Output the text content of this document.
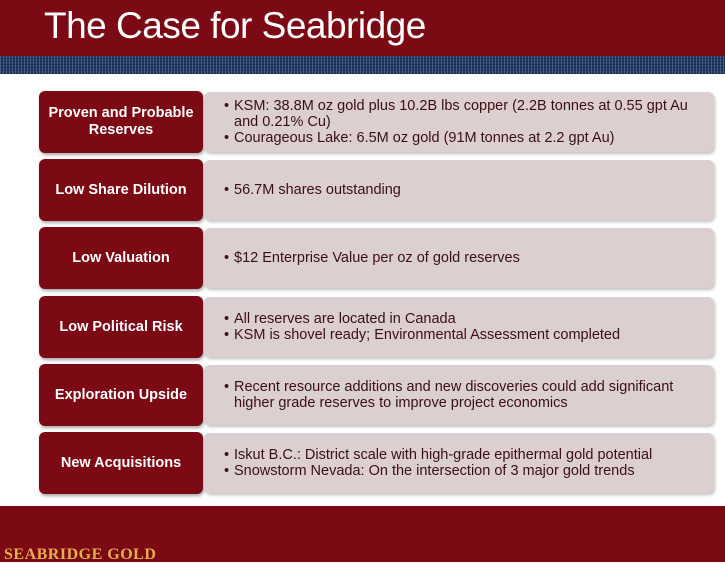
The Case for Seabridge
Proven and Probable Reserves
• KSM: 38.8M oz gold plus 10.2B lbs copper (2.2B tonnes at 0.55 gpt Au and 0.21% Cu)
• Courageous Lake: 6.5M oz gold (91M tonnes at 2.2 gpt Au)
Low Share Dilution	• 56.7M shares outstanding
Low Valuation	• $12 Enterprise Value per oz of gold reserves
Low Political Risk	• All reserves are located in Canada
• KSM is shovel ready; Environmental Assessment completed
Exploration Upside	• Recent resource additions and new discoveries could add significant higher grade reserves to improve project economics
New Acquisitions	• Iskut B.C.: District scale with high-grade epithermal gold potential
• Snowstorm Nevada: On the intersection of 3 major gold trends
SEABRIDGE GOLD
